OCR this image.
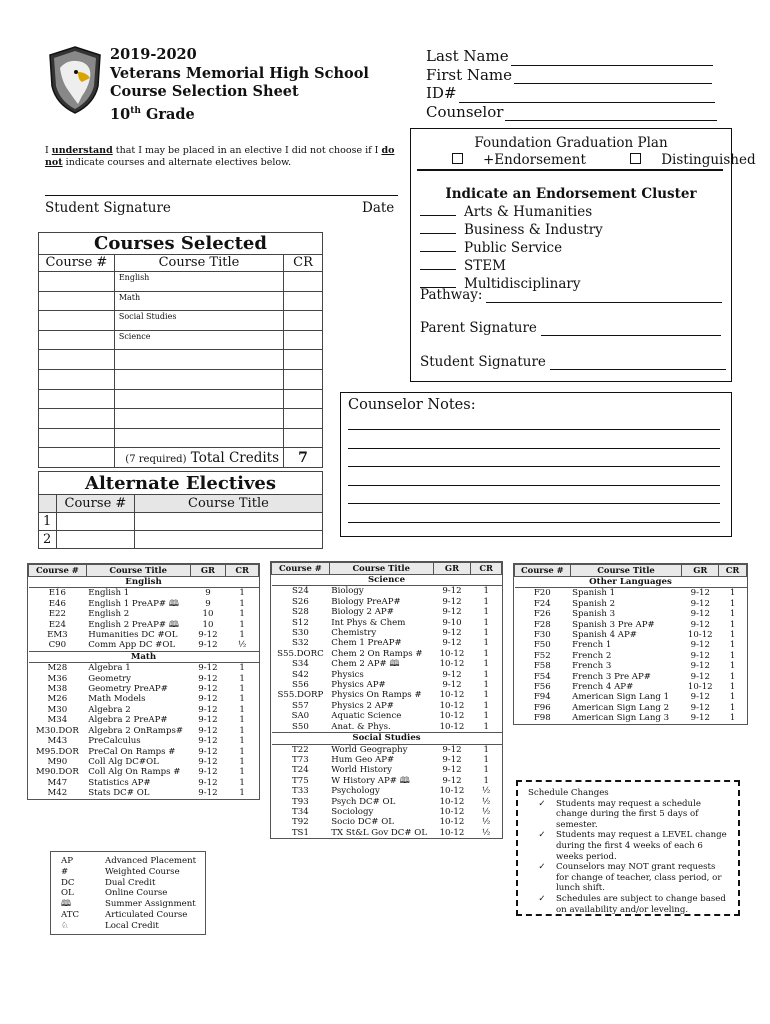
2019-2020
Veterans Memorial High School
Course Selection Sheet
10th Grade
Last Name
First Name
ID#
Counselor
I understand that I may be placed in an elective I did not choose if I do not indicate courses and alternate electives below.
Student Signature	Date
Foundation Graduation Plan
+Endorsement	Distinguished
Indicate an Endorsement Cluster
Arts & Humanities
Business & Industry
Public Service
STEM
Multidisciplinary
Pathway:
Parent Signature
Student Signature
Counselor Notes:
Courses Selected		
Course #	Course Title	CR
	English	
	Math	
	Social Studies	
	Science	

	(7 required) Total Credits	7
Alternate Electives		
	Course #	Course Title
1		
2		
Course #	Course Title	GR	CR
English			
E16	English 1	9	1
E46	English 1 PreAP# 🕮	9	1
E22	English 2	10	1
E24	English 2 PreAP# 🕮	10	1
EM3	Humanities DC #OL	9-12	1
C90	Comm App DC #OL	9-12	½
Math			
M28	Algebra 1	9-12	1
M36	Geometry	9-12	1
M38	Geometry PreAP#	9-12	1
M26	Math Models	9-12	1
M30	Algebra 2	9-12	1
M34	Algebra 2 PreAP#	9-12	1
M30.DOR	Algebra 2 OnRamps#	9-12	1
M43	PreCalculus	9-12	1
M95.DOR	PreCal On Ramps #	9-12	1
M90	Coll Alg DC#OL	9-12	1
M90.DOR	Coll Alg On Ramps #	9-12	1
M47	Statistics AP#	9-12	1
M42	Stats DC# OL	9-12	1
Course #	Course Title	GR	CR
Science			
S24	Biology	9-12	1
S26	Biology PreAP#	9-12	1
S28	Biology 2 AP#	9-12	1
S12	Int Phys & Chem	9-10	1
S30	Chemistry	9-12	1
S32	Chem 1 PreAP#	9-12	1
S55.DORC	Chem 2 On Ramps #	10-12	1
S34	Chem 2 AP# 🕮	10-12	1
S42	Physics	9-12	1
S56	Physics AP#	9-12	1
S55.DORP	Physics On Ramps #	10-12	1
S57	Physics 2 AP#	10-12	1
SA0	Aquatic Science	10-12	1
S50	Anat. & Phys.	10-12	1
Social Studies			
T22	World Geography	9-12	1
T73	Hum Geo AP#	9-12	1
T24	World History	9-12	1
T75	W History AP# 🕮	9-12	1
T33	Psychology	10-12	½
T93	Psych DC# OL	10-12	½
T34	Sociology	10-12	½
T92	Socio DC# OL	10-12	½
TS1	TX St&L Gov DC# OL	10-12	½
Course #	Course Title	GR	CR
Other Languages			
F20	Spanish 1	9-12	1
F24	Spanish 2	9-12	1
F26	Spanish 3	9-12	1
F28	Spanish 3 Pre AP#	9-12	1
F30	Spanish 4 AP#	10-12	1
F50	French 1	9-12	1
F52	French 2	9-12	1
F58	French 3	9-12	1
F54	French 3 Pre AP#	9-12	1
F56	French 4 AP#	10-12	1
F94	American Sign Lang 1	9-12	1
F96	American Sign Lang 2	9-12	1
F98	American Sign Lang 3	9-12	1
AP	Advanced Placement
#	Weighted Course
DC	Dual Credit
OL	Online Course
🕮	Summer Assignment
ATC	Articulated Course
♘	Local Credit
Schedule Changes
✓	Students may request a schedule change during the first 5 days of semester.
✓	Students may request a LEVEL change during the first 4 weeks of each 6 weeks period.
✓	Counselors may NOT grant requests for change of teacher, class period, or lunch shift.
✓	Schedules are subject to change based on availability and/or leveling.
